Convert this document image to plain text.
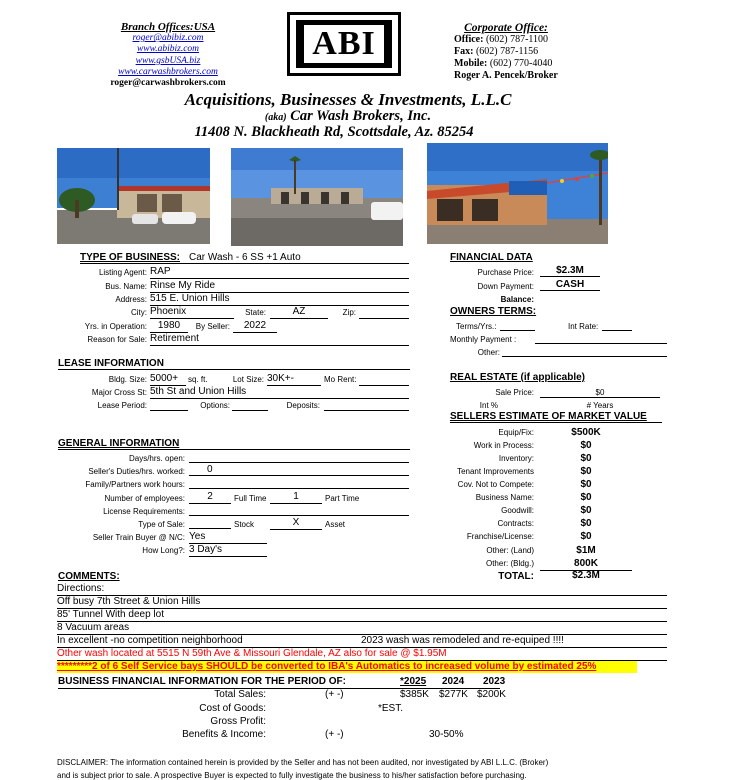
Branch Offices:USA
roger@abibiz.com
www.abibiz.com
www.gsbUSA.biz
www.carwashbrokers.com
roger@carwashbrokers.com
ABI	Corporate Office:
Office: (602) 787-1100
Fax: (602) 787-1156
Mobile: (602) 770-4040
Roger A. Pencek/Broker
Acquisitions, Businesses & Investments, L.L.C
(aka) Car Wash Brokers, Inc.
11408 N. Blackheath Rd, Scottsdale, Az. 85254
TYPE OF BUSINESS: Car Wash - 6 SS +1 Auto
Listing Agent: RAP
Bus. Name: Rinse My Ride
Address: 515 E. Union Hills
City: Phoenix	State:	AZ	Zip:
Yrs. in Operation:	1980	By Seller:	2022
Reason for Sale: Retirement
LEASE INFORMATION
Bldg. Size: 5000+	sq. ft.	Lot Size: 30K+-	Mo Rent:
Major Cross St: 5th St and Union Hills
Lease Period:	Options:	Deposits:
GENERAL INFORMATION
Days/hrs. open:
Seller's Duties/hrs. worked:	0
Family/Partners work hours:
Number of employees:	2	Full Time	1	Part Time
License Requirements:
Type of Sale:	Stock	X	Asset
Seller Train Buyer @ N/C: Yes
How Long?: 3 Day's
FINANCIAL DATA
Purchase Price:	$2.3M
Down Payment:	CASH
Balance:
OWNERS TERMS:
Terms/Yrs.:	Int Rate:
Monthly Payment :
Other:
REAL ESTATE (if applicable)
Sale Price:	$0
Int %	# Years
SELLERS ESTIMATE OF MARKET VALUE
Equip/Fix:	$500K
Work in Process:	$0
Inventory:	$0
Tenant Improvements	$0
Cov. Not to Compete:	$0
Business Name:	$0
Goodwill:	$0
Contracts:	$0
Franchise/License:	$0
Other: (Land)	$1M
Other: (Bldg.)	800K
TOTAL:	$2.3M
COMMENTS:
Directions:
Off busy 7th Street & Union Hills
85' Tunnel With deep lot
8 Vacuum areas
In excellent -no competition neighborhood	2023 wash was remodeled and re-equiped !!!!
Other wash located at 5515 N 59th Ave & Missouri Glendale, AZ also for sale @ $1.95M
*********2 of 6 Self Service bays SHOULD be converted to IBA's Automatics to increased volume by estimated 25%
BUSINESS FINANCIAL INFORMATION FOR THE PERIOD OF:	*2025	2024 2023
Total Sales:	(+ -)	$385K $277K $200K
Cost of Goods:	*EST.
Gross Profit:
Benefits & Income:	(+ -)	30-50%
DISCLAIMER: The information contained herein is provided by the Seller and has not been audited, nor investigated by ABI L.L.C. (Broker)
and is subject prior to sale. A prospective Buyer is expected to fully investigate the business to his/her satisfaction before purchasing.
